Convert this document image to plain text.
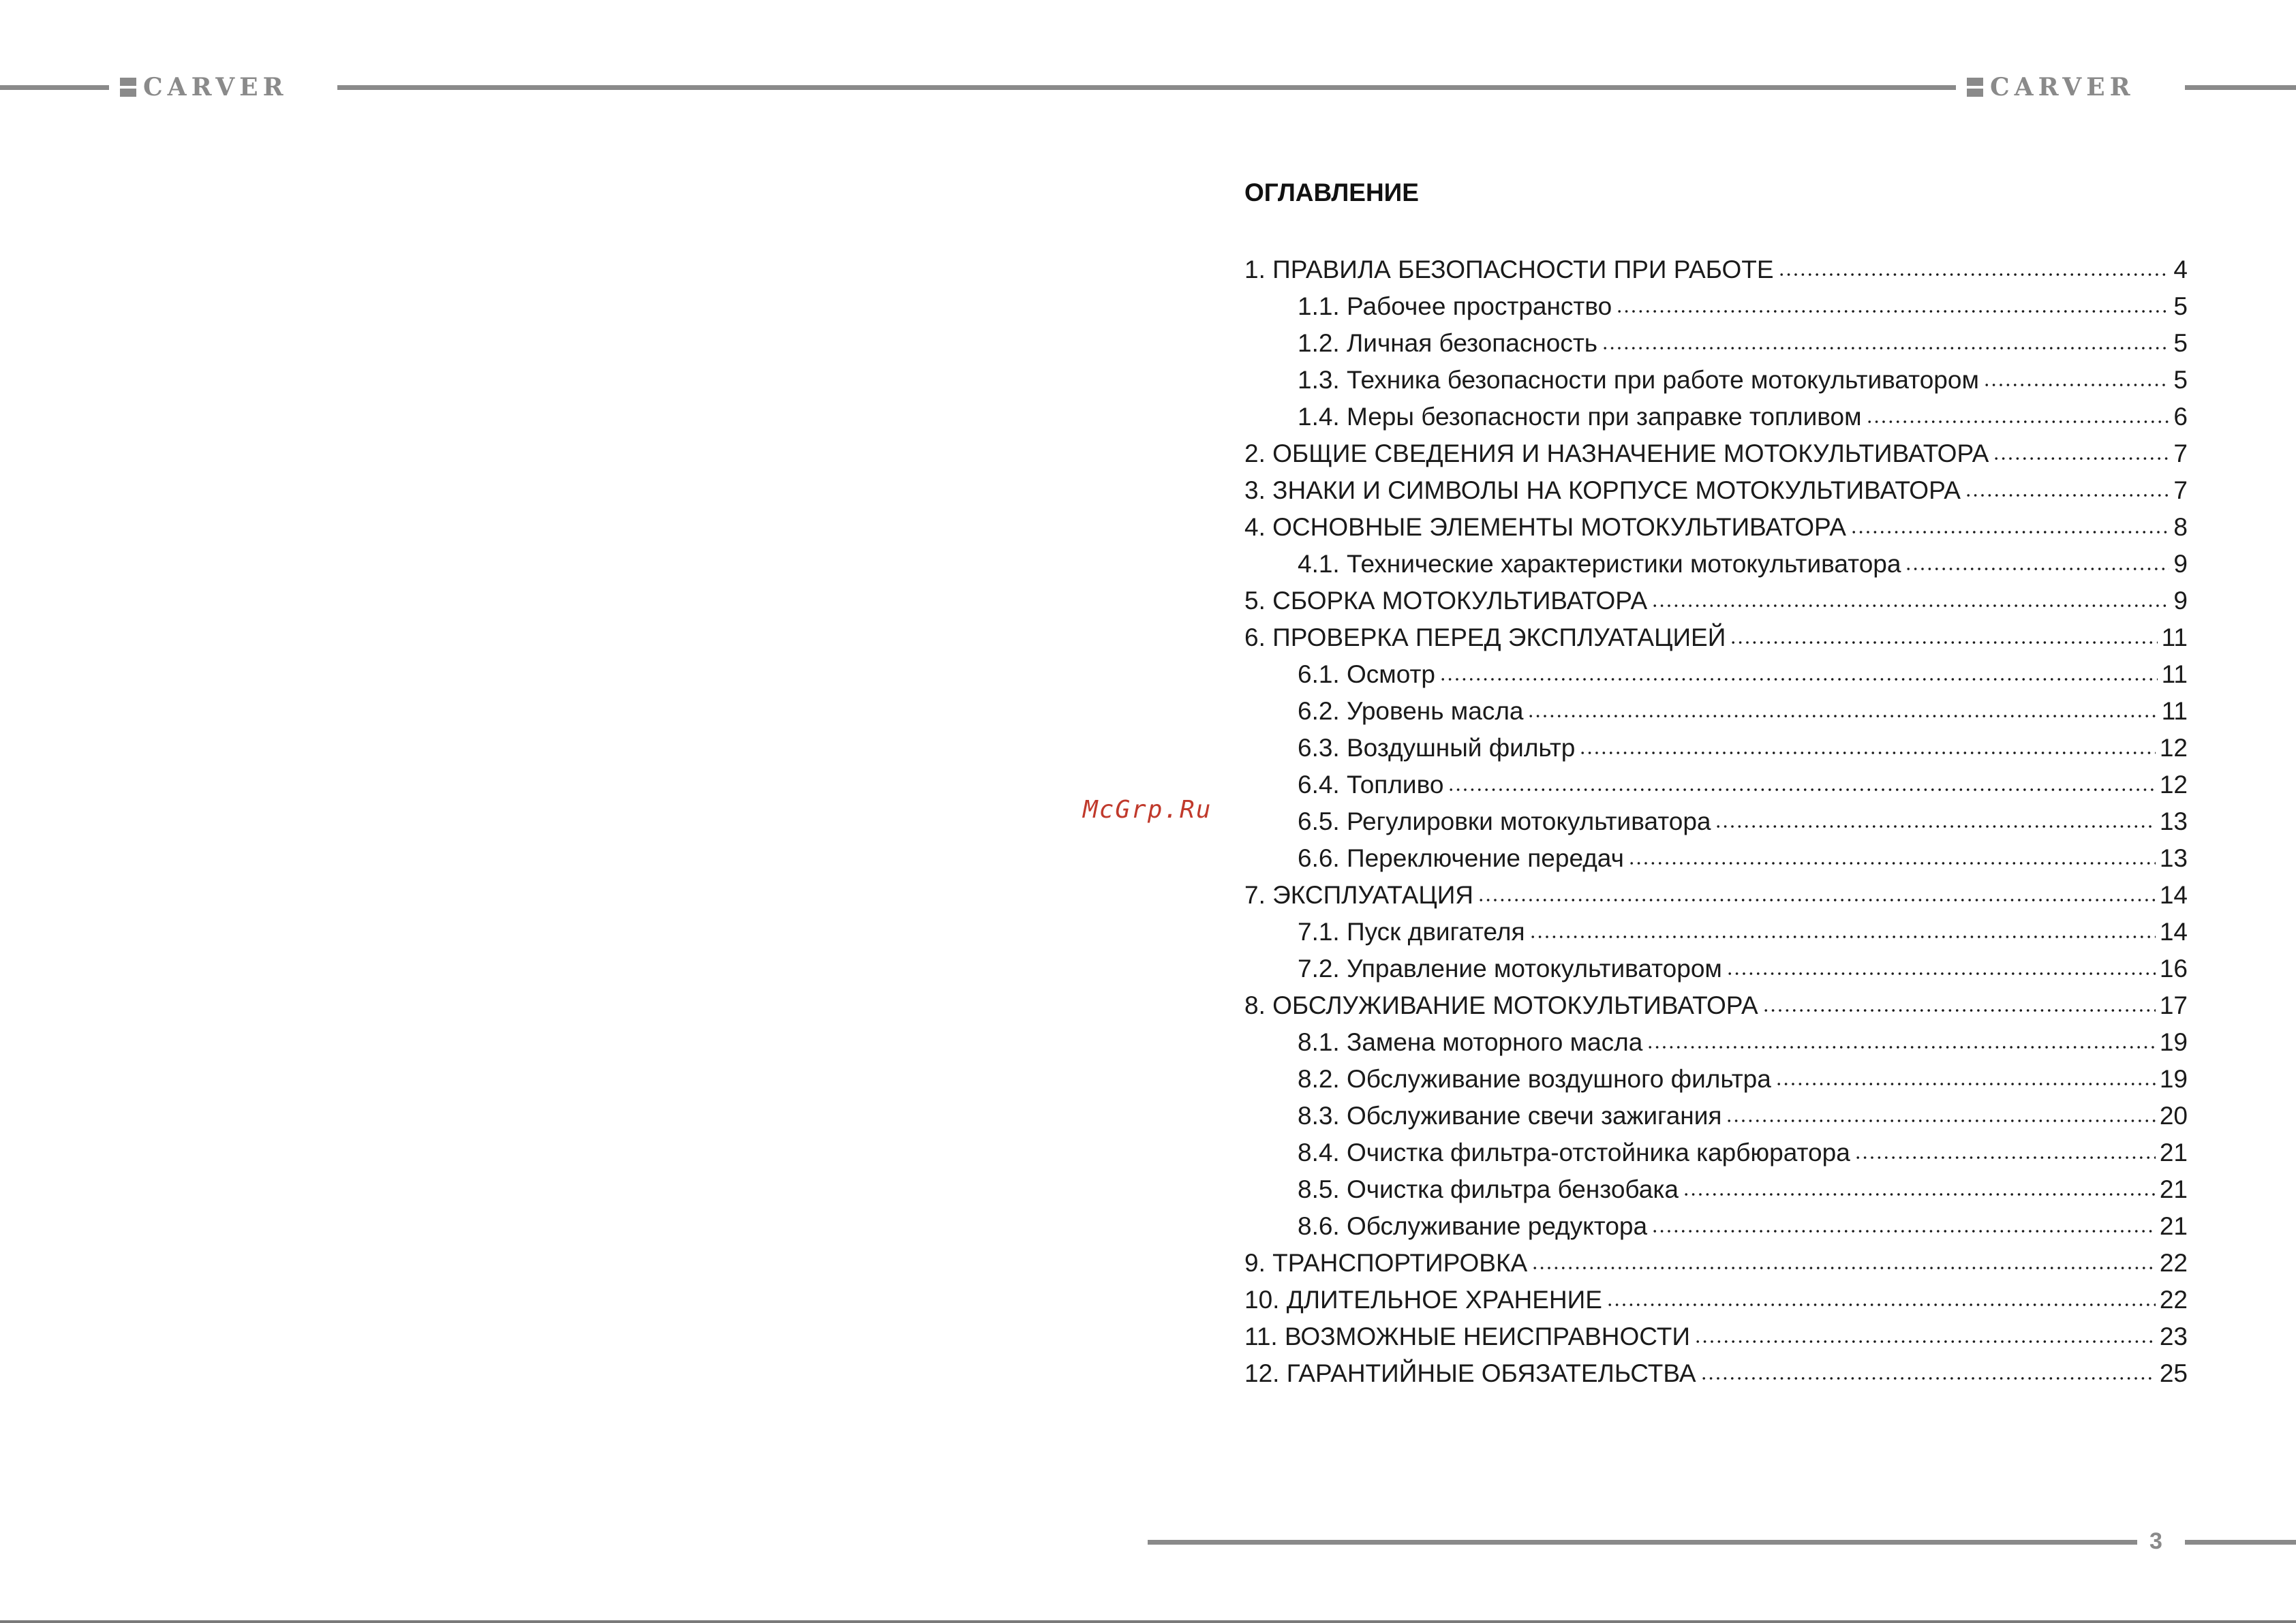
CARVER	CARVER
ОГЛАВЛЕНИЕ
1. ПРАВИЛА БЕЗОПАСНОСТИ ПРИ РАБОТЕ	4
1.1. Рабочее пространство	5
1.2. Личная безопасность	5
1.3. Техника безопасности при работе мотокультиватором	5
1.4. Меры безопасности при заправке топливом	6
2. ОБЩИЕ СВЕДЕНИЯ И НАЗНАЧЕНИЕ МОТОКУЛЬТИВАТОРА	7
3. ЗНАКИ И СИМВОЛЫ НА КОРПУСЕ МОТОКУЛЬТИВАТОРА	7
4. ОСНОВНЫЕ ЭЛЕМЕНТЫ МОТОКУЛЬТИВАТОРА	8
4.1. Технические характеристики мотокультиватора	9
5. СБОРКА МОТОКУЛЬТИВАТОРА	9
6. ПРОВЕРКА ПЕРЕД ЭКСПЛУАТАЦИЕЙ	11
6.1. Осмотр	11
6.2. Уровень масла	11
6.3. Воздушный фильтр	12
6.4. Топливо	12
6.5. Регулировки мотокультиватора	13
6.6. Переключение передач	13
7. ЭКСПЛУАТАЦИЯ	14
7.1. Пуск двигателя	14
7.2. Управление мотокультиватором	16
8. ОБСЛУЖИВАНИЕ МОТОКУЛЬТИВАТОРА	17
8.1. Замена моторного масла	19
8.2. Обслуживание воздушного фильтра	19
8.3. Обслуживание свечи зажигания	20
8.4. Очистка фильтра-отстойника карбюратора	21
8.5. Очистка фильтра бензобака	21
8.6. Обслуживание редуктора	21
9. ТРАНСПОРТИРОВКА	22
10. ДЛИТЕЛЬНОЕ ХРАНЕНИЕ	22
11. ВОЗМОЖНЫЕ НЕИСПРАВНОСТИ	23
12. ГАРАНТИЙНЫЕ ОБЯЗАТЕЛЬСТВА	25
McGrp.Ru
3
